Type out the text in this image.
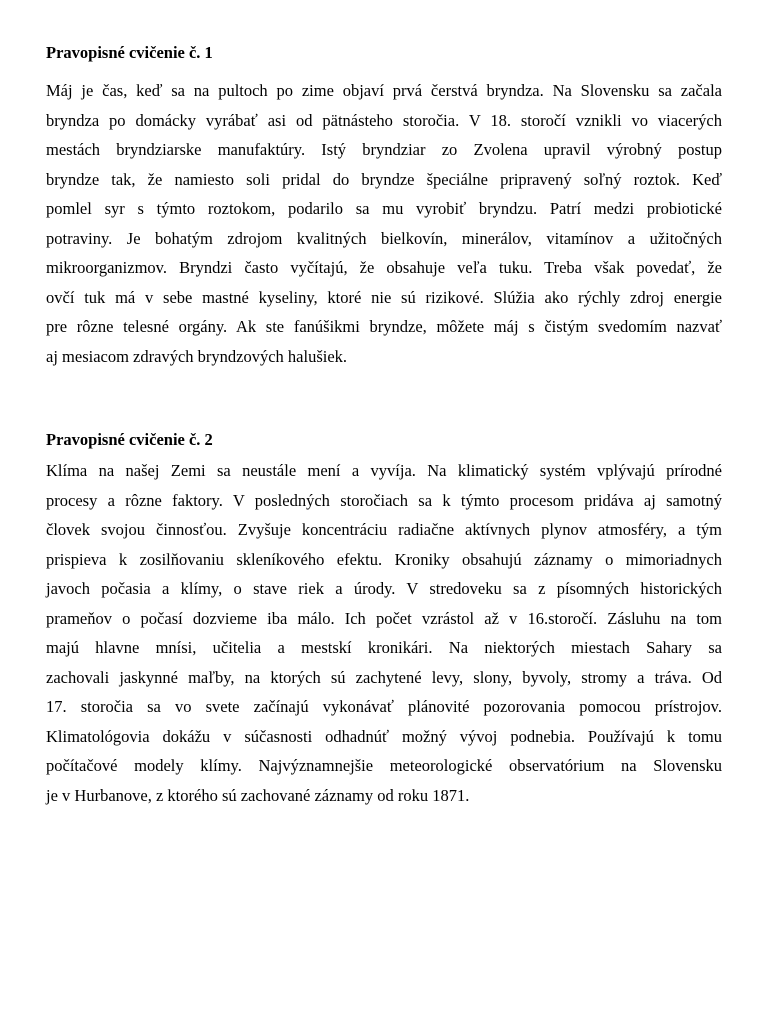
Pravopisné cvičenie č. 1
Máj je čas, keď sa na pultoch po zime objaví prvá čerstvá bryndza. Na Slovensku sa začala
bryndza po domácky vyrábať asi od pätnásteho storočia. V 18. storočí vznikli vo viacerých
mestách bryndziarske manufaktúry. Istý bryndziar zo Zvolena upravil výrobný postup
bryndze tak, že namiesto soli pridal do bryndze špeciálne pripravený soľný roztok. Keď
pomlel syr s týmto roztokom, podarilo sa mu vyrobiť bryndzu. Patrí medzi probiotické
potraviny. Je bohatým zdrojom kvalitných bielkovín, minerálov, vitamínov a užitočných
mikroorganizmov. Bryndzi často vyčítajú, že obsahuje veľa tuku. Treba však povedať, že
ovčí tuk má v sebe mastné kyseliny, ktoré nie sú rizikové. Slúžia ako rýchly zdroj energie
pre rôzne telesné orgány. Ak ste fanúšikmi bryndze, môžete máj s čistým svedomím nazvať
aj mesiacom zdravých bryndzových halušiek.
Pravopisné cvičenie č. 2
Klíma na našej Zemi sa neustále mení a vyvíja. Na klimatický systém vplývajú prírodné
procesy a rôzne faktory. V posledných storočiach sa k týmto procesom pridáva aj samotný
človek svojou činnosťou. Zvyšuje koncentráciu radiačne aktívnych plynov atmosféry, a tým
prispieva k zosilňovaniu skleníkového efektu. Kroniky obsahujú záznamy o mimoriadnych
javoch počasia a klímy, o stave riek a úrody. V stredoveku sa z písomných historických
prameňov o počasí dozvieme iba málo. Ich počet vzrástol až v 16.storočí. Zásluhu na tom
majú hlavne mnísi, učitelia a mestskí kronikári. Na niektorých miestach Sahary sa
zachovali jaskynné maľby, na ktorých sú zachytené levy, slony, byvoly, stromy a tráva. Od
17. storočia sa vo svete začínajú vykonávať plánovité pozorovania pomocou prístrojov.
Klimatológovia dokážu v súčasnosti odhadnúť možný vývoj podnebia. Používajú k tomu
počítačové modely klímy. Najvýznamnejšie meteorologické observatórium na Slovensku
je v Hurbanove, z ktorého sú zachované záznamy od roku 1871.
